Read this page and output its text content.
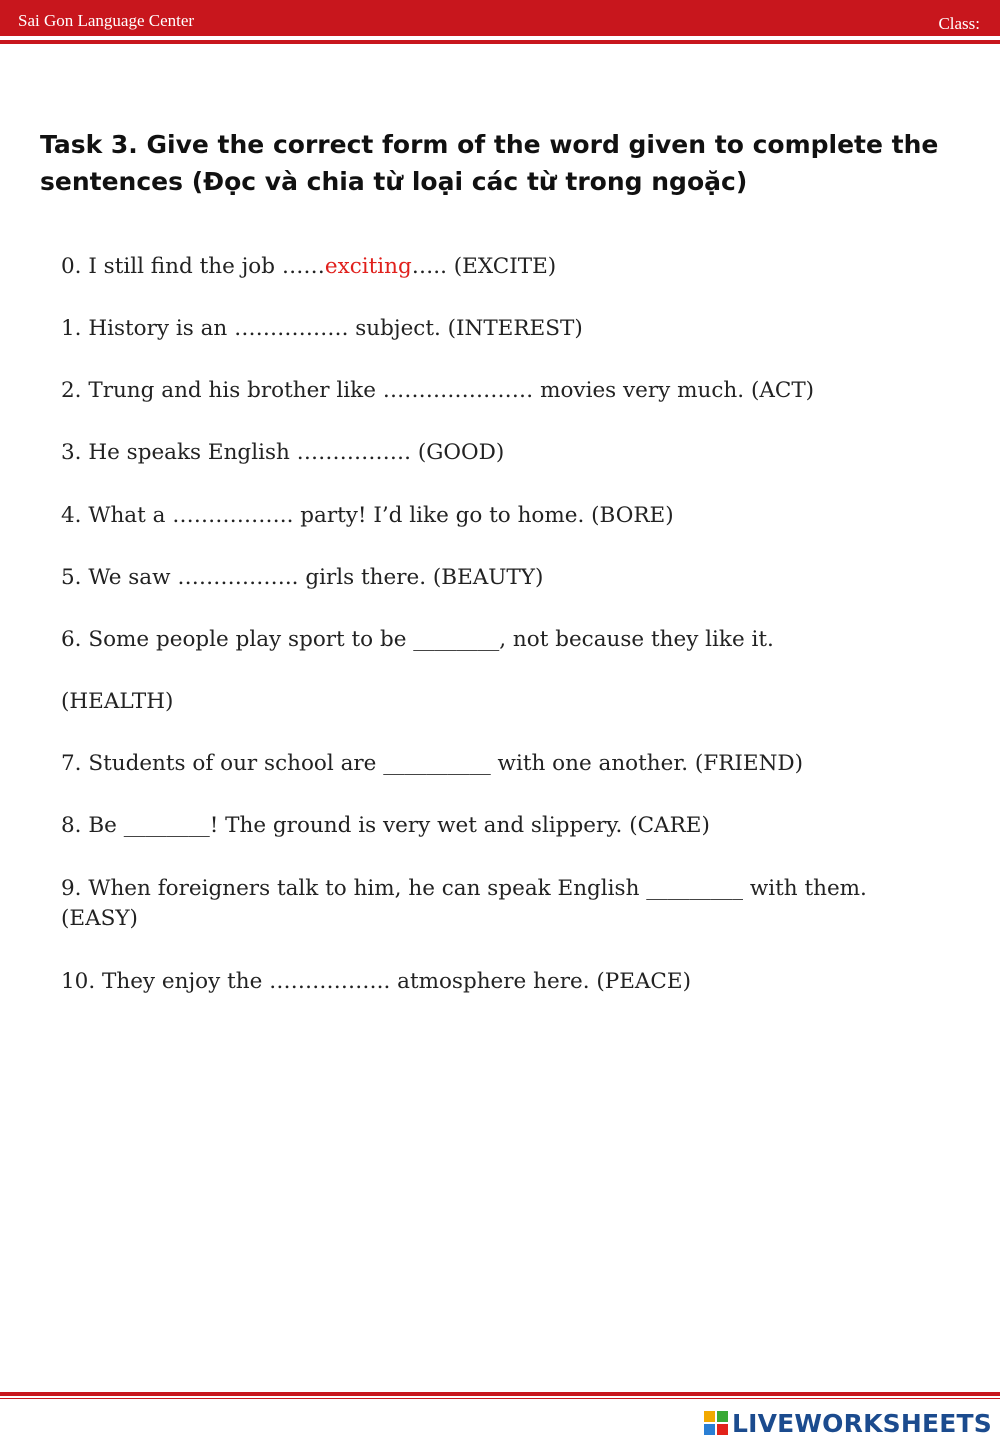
Sai Gon Language Center	Class:
Task 3. Give the correct form of the word given to complete the sentences (Đọc và chia từ loại các từ trong ngoặc)
0. I still find the job ……exciting….. (EXCITE)
1. History is an ……………. subject. (INTEREST)
2. Trung and his brother like ………………… movies very much. (ACT)
3. He speaks English ……………. (GOOD)
4. What a …………….. party! I’d like go to home. (BORE)
5. We saw …………….. girls there. (BEAUTY)
6. Some people play sport to be ________, not because they like it.
(HEALTH)
7. Students of our school are __________ with one another. (FRIEND)
8. Be ________! The ground is very wet and slippery. (CARE)
9. When foreigners talk to him, he can speak English _________ with them. (EASY)
10. They enjoy the …………….. atmosphere here. (PEACE)
LIVEWORKSHEETS
